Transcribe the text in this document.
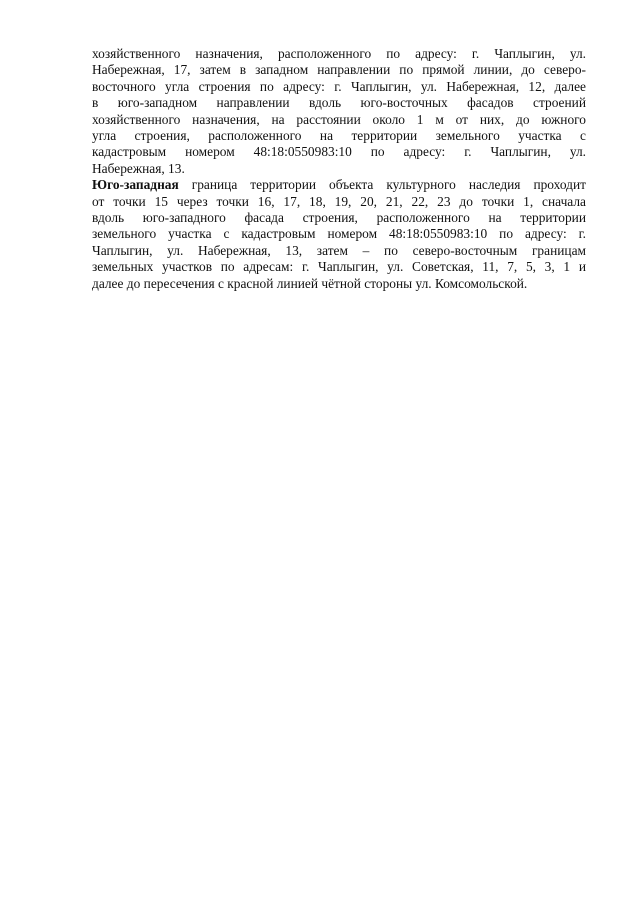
хозяйственного назначения, расположенного по адресу: г. Чаплыгин, ул.
Набережная, 17, затем в западном направлении по прямой линии, до северо-
восточного угла строения по адресу: г. Чаплыгин, ул. Набережная, 12, далее
в юго-западном направлении вдоль юго-восточных фасадов строений
хозяйственного назначения, на расстоянии около 1 м от них, до южного
угла строения, расположенного на территории земельного участка с
кадастровым номером 48:18:0550983:10 по адресу: г. Чаплыгин, ул.
Набережная, 13.
Юго-западная граница территории объекта культурного наследия проходит
от точки 15 через точки 16, 17, 18, 19, 20, 21, 22, 23 до точки 1, сначала
вдоль юго-западного фасада строения, расположенного на территории
земельного участка с кадастровым номером 48:18:0550983:10 по адресу: г.
Чаплыгин, ул. Набережная, 13, затем – по северо-восточным границам
земельных участков по адресам: г. Чаплыгин, ул. Советская, 11, 7, 5, 3, 1 и
далее до пересечения с красной линией чётной стороны ул. Комсомольской.
